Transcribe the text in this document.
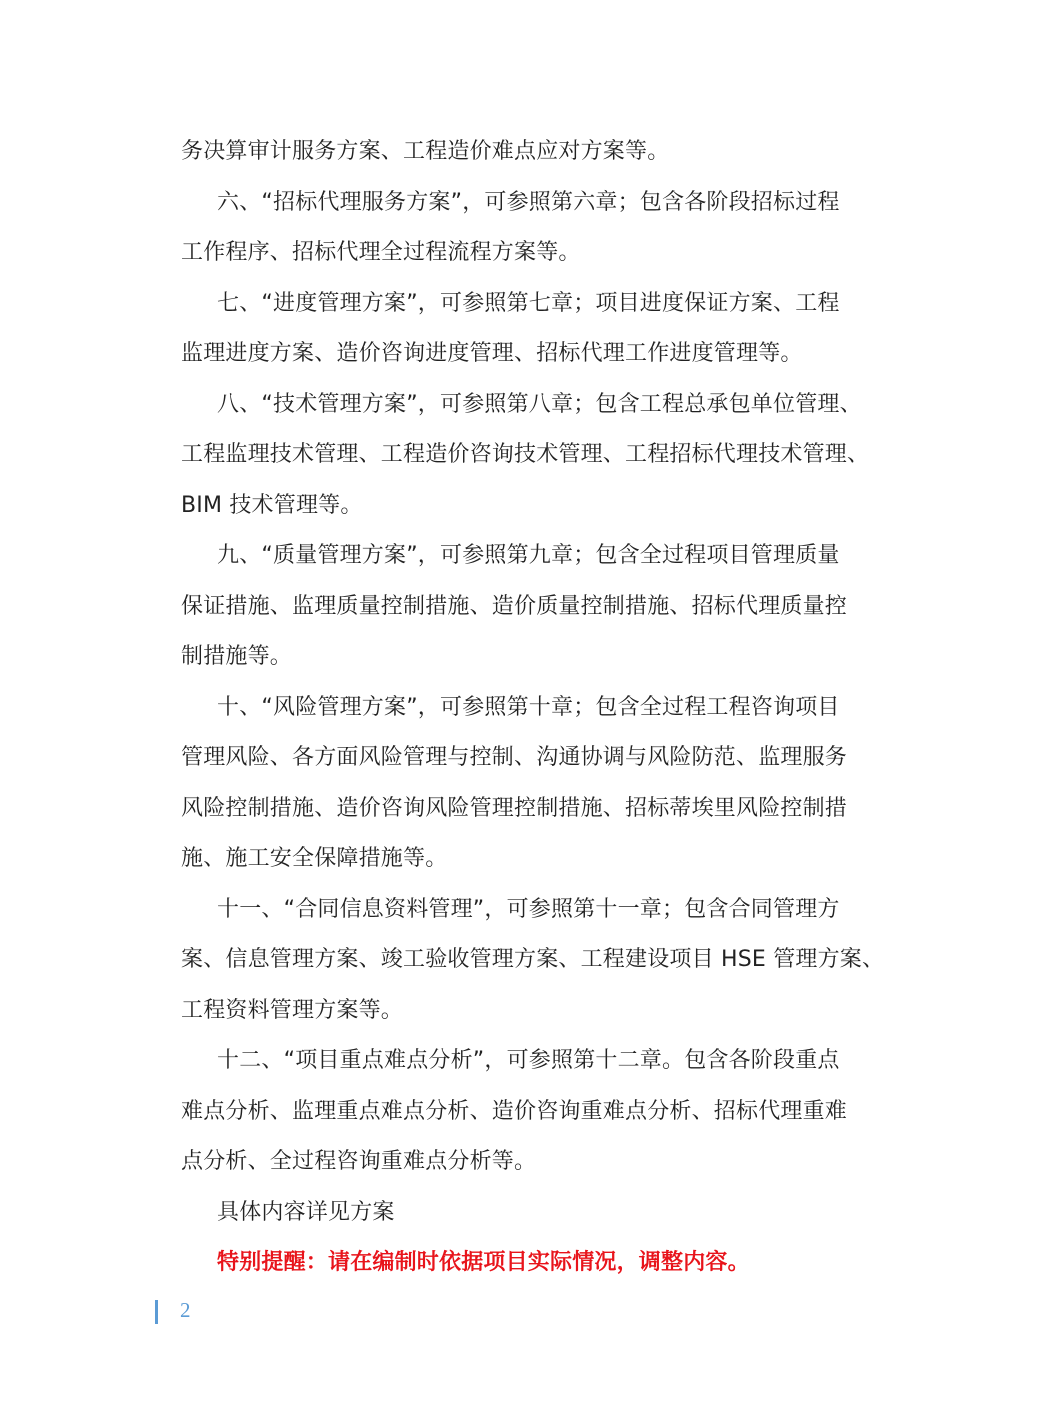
务决算审计服务方案、工程造价难点应对方案等。
六、“招标代理服务方案”，可参照第六章；包含各阶段招标过程
工作程序、招标代理全过程流程方案等。
七、“进度管理方案”，可参照第七章；项目进度保证方案、工程
监理进度方案、造价咨询进度管理、招标代理工作进度管理等。
八、“技术管理方案”，可参照第八章；包含工程总承包单位管理、
工程监理技术管理、工程造价咨询技术管理、工程招标代理技术管理、
BIM 技术管理等。
九、“质量管理方案”，可参照第九章；包含全过程项目管理质量
保证措施、监理质量控制措施、造价质量控制措施、招标代理质量控
制措施等。
十、“风险管理方案”，可参照第十章；包含全过程工程咨询项目
管理风险、各方面风险管理与控制、沟通协调与风险防范、监理服务
风险控制措施、造价咨询风险管理控制措施、招标蒂埃里风险控制措
施、施工安全保障措施等。
十一、“合同信息资料管理”，可参照第十一章；包含合同管理方
案、信息管理方案、竣工验收管理方案、工程建设项目 HSE 管理方案、
工程资料管理方案等。
十二、“项目重点难点分析”，可参照第十二章。包含各阶段重点
难点分析、监理重点难点分析、造价咨询重难点分析、招标代理重难
点分析、全过程咨询重难点分析等。
具体内容详见方案
特别提醒：请在编制时依据项目实际情况，调整内容。
2
